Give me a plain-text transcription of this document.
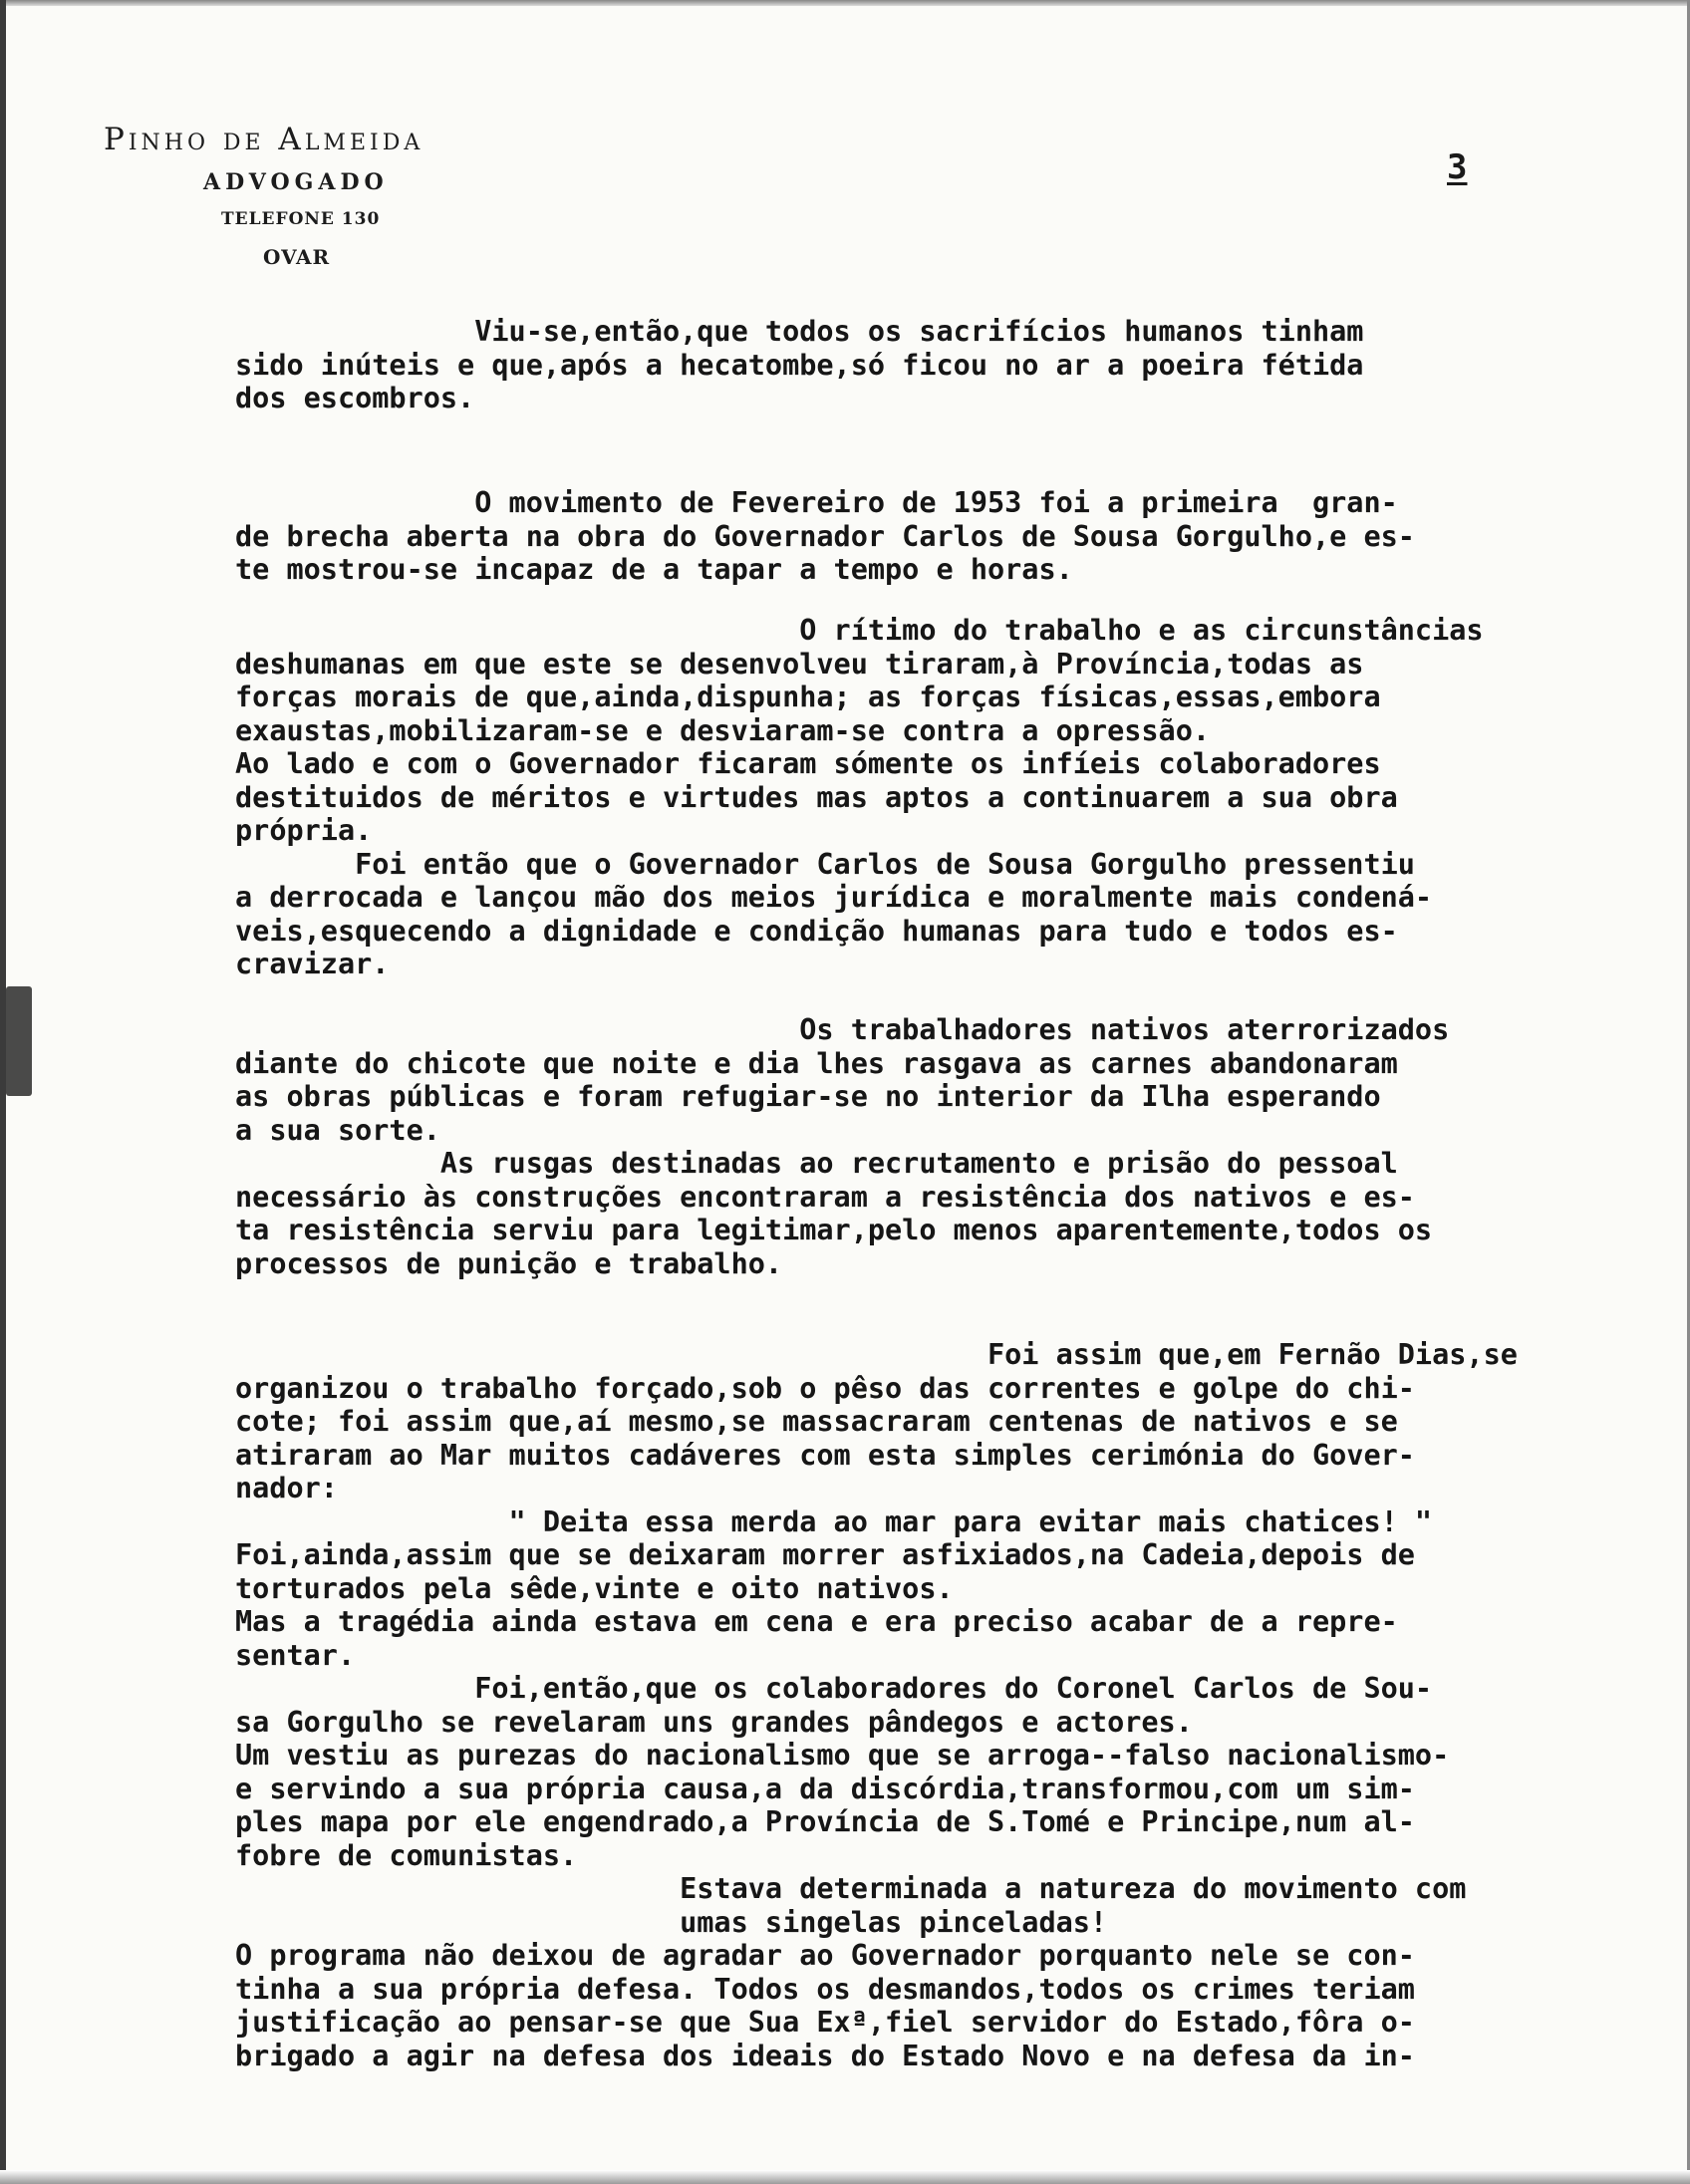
Pinho de Almeida
ADVOGADO
TELEFONE 130
OVAR
3
Viu-se,então,que todos os sacrifícios humanos tinham
sido inúteis e que,após a hecatombe,só ficou no ar a poeira fétida
dos escombros.
O movimento de Fevereiro de 1953 foi a primeira  gran-
de brecha aberta na obra do Governador Carlos de Sousa Gorgulho,e es-
te mostrou-se incapaz de a tapar a tempo e horas.
O rítimo do trabalho e as circunstâncias
deshumanas em que este se desenvolveu tiraram,à Província,todas as
forças morais de que,ainda,dispunha; as forças físicas,essas,embora
exaustas,mobilizaram-se e desviaram-se contra a opressão.
Ao lado e com o Governador ficaram sómente os infíeis colaboradores
destituidos de méritos e virtudes mas aptos a continuarem a sua obra
própria.
Foi então que o Governador Carlos de Sousa Gorgulho pressentiu
a derrocada e lançou mão dos meios jurídica e moralmente mais condená-
veis,esquecendo a dignidade e condição humanas para tudo e todos es-
cravizar.
Os trabalhadores nativos aterrorizados
diante do chicote que noite e dia lhes rasgava as carnes abandonaram
as obras públicas e foram refugiar-se no interior da Ilha esperando
a sua sorte.
As rusgas destinadas ao recrutamento e prisão do pessoal
necessário às construções encontraram a resistência dos nativos e es-
ta resistência serviu para legitimar,pelo menos aparentemente,todos os
processos de punição e trabalho.
Foi assim que,em Fernão Dias,se
organizou o trabalho forçado,sob o pêso das correntes e golpe do chi-
cote; foi assim que,aí mesmo,se massacraram centenas de nativos e se
atiraram ao Mar muitos cadáveres com esta simples cerimónia do Gover-
nador:
" Deita essa merda ao mar para evitar mais chatices! "
Foi,ainda,assim que se deixaram morrer asfixiados,na Cadeia,depois de
torturados pela sêde,vinte e oito nativos.
Mas a tragédia ainda estava em cena e era preciso acabar de a repre-
sentar.
Foi,então,que os colaboradores do Coronel Carlos de Sou-
sa Gorgulho se revelaram uns grandes pândegos e actores.
Um vestiu as purezas do nacionalismo que se arroga--falso nacionalismo-
e servindo a sua própria causa,a da discórdia,transformou,com um sim-
ples mapa por ele engendrado,a Província de S.Tomé e Principe,num al-
fobre de comunistas.
Estava determinada a natureza do movimento com
umas singelas pinceladas!
O programa não deixou de agradar ao Governador porquanto nele se con-
tinha a sua própria defesa. Todos os desmandos,todos os crimes teriam
justificação ao pensar-se que Sua Exª,fiel servidor do Estado,fôra o-
brigado a agir na defesa dos ideais do Estado Novo e na defesa da in-
